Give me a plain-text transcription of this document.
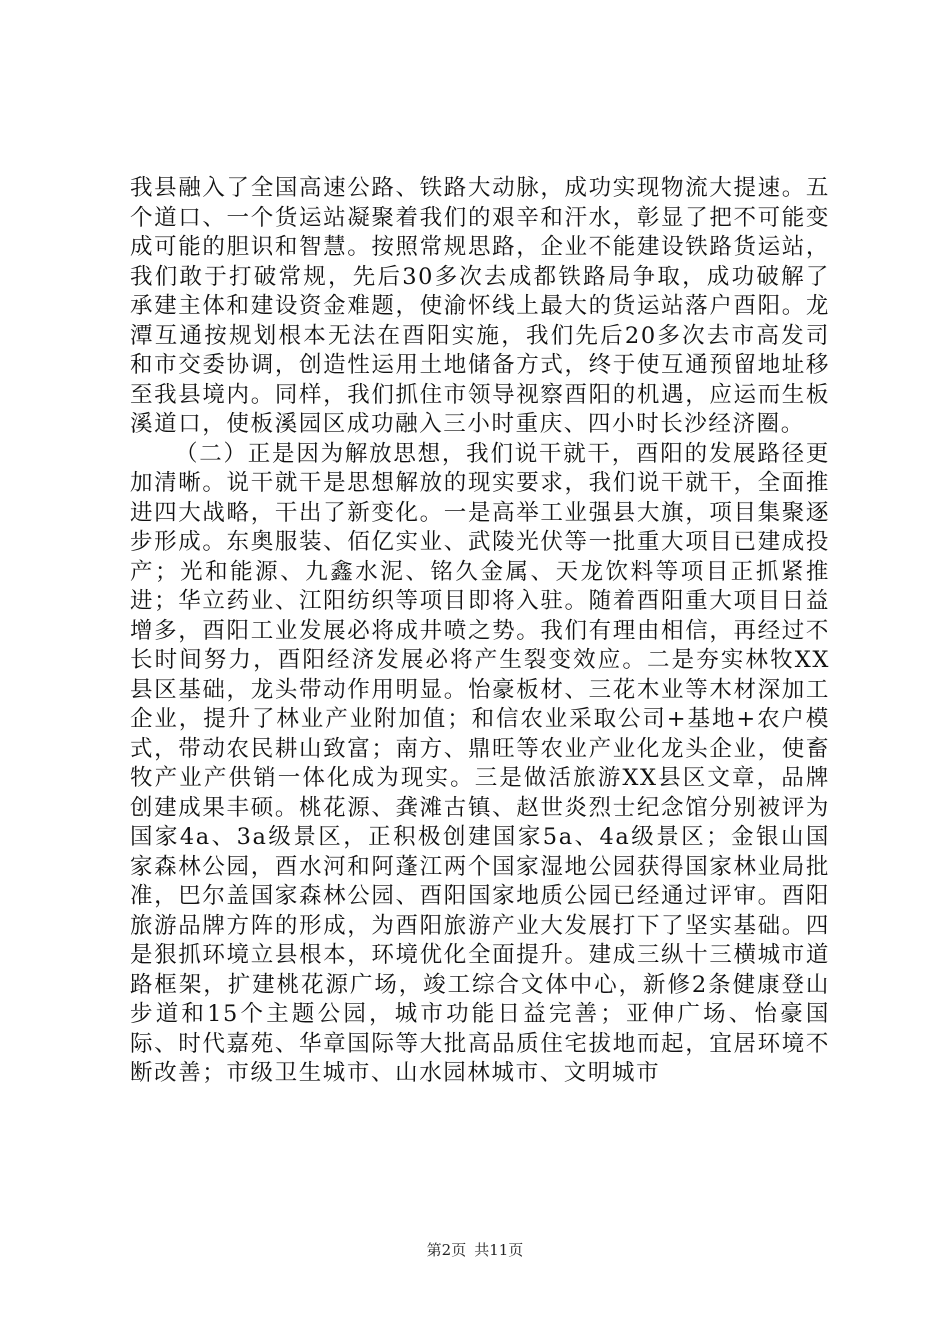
我县融入了全国高速公路、铁路大动脉，成功实现物流大提速。五个道口、一个货运站凝聚着我们的艰辛和汗水，彰显了把不可能变成可能的胆识和智慧。按照常规思路，企业不能建设铁路货运站，我们敢于打破常规，先后30多次去成都铁路局争取，成功破解了承建主体和建设资金难题，使渝怀线上最大的货运站落户酉阳。龙潭互通按规划根本无法在酉阳实施，我们先后20多次去市高发司和市交委协调，创造性运用土地储备方式，终于使互通预留地址移至我县境内。同样，我们抓住市领导视察酉阳的机遇，应运而生板溪道口，使板溪园区成功融入三小时重庆、四小时长沙经济圈。

（二）正是因为解放思想，我们说干就干，酉阳的发展路径更加清晰。说干就干是思想解放的现实要求，我们说干就干，全面推进四大战略，干出了新变化。一是高举工业强县大旗，项目集聚逐步形成。东奥服装、佰亿实业、武陵光伏等一批重大项目已建成投产；光和能源、九鑫水泥、铭久金属、天龙饮料等项目正抓紧推进；华立药业、江阳纺织等项目即将入驻。随着酉阳重大项目日益增多，酉阳工业发展必将成井喷之势。我们有理由相信，再经过不长时间努力，酉阳经济发展必将产生裂变效应。二是夯实林牧XX县区基础，龙头带动作用明显。怡豪板材、三花木业等木材深加工企业，提升了林业产业附加值；和信农业采取公司+基地+农户模式，带动农民耕山致富；南方、鼎旺等农业产业化龙头企业，使畜牧产业产供销一体化成为现实。三是做活旅游XX县区文章，品牌创建成果丰硕。桃花源、龚滩古镇、赵世炎烈士纪念馆分别被评为国家4a、3a级景区，正积极创建国家5a、4a级景区；金银山国家森林公园，酉水河和阿蓬江两个国家湿地公园获得国家林业局批准，巴尔盖国家森林公园、酉阳国家地质公园已经通过评审。酉阳旅游品牌方阵的形成，为酉阳旅游产业大发展打下了坚实基础。四是狠抓环境立县根本，环境优化全面提升。建成三纵十三横城市道路框架，扩建桃花源广场，竣工综合文体中心，新修2条健康登山步道和15个主题公园，城市功能日益完善；亚伸广场、怡豪国际、时代嘉苑、华章国际等大批高品质住宅拔地而起，宜居环境不断改善；市级卫生城市、山水园林城市、文明城市

第2页 共11页
